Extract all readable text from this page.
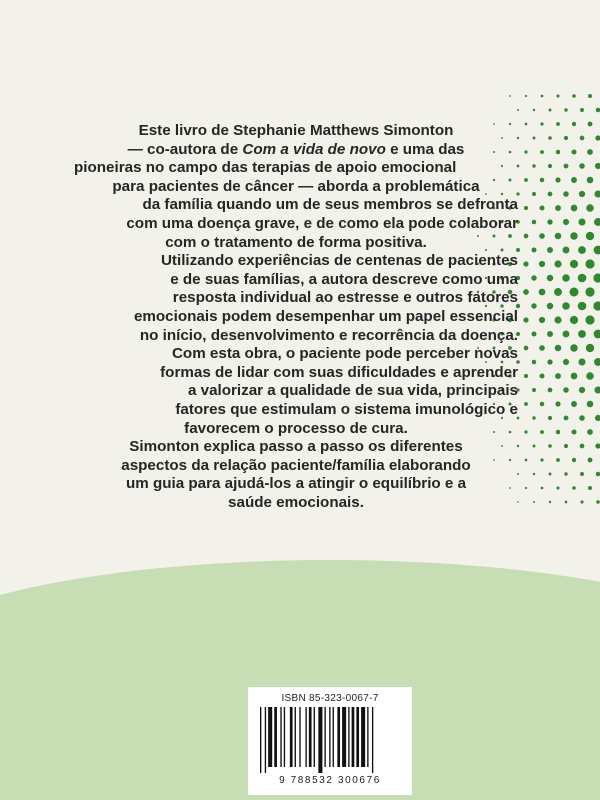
Este livro de Stephanie Matthews Simonton

— co-autora de Com a vida de novo e uma das

pioneiras no campo das terapias de apoio emocional

para pacientes de câncer — aborda a problemática

da família quando um de seus membros se defronta

com uma doença grave, e de como ela pode colaborar

com o tratamento de forma positiva.

Utilizando experiências de centenas de pacientes

e de suas famílias, a autora descreve como uma

resposta individual ao estresse e outros fatores

emocionais podem desempenhar um papel essencial

no início, desenvolvimento e recorrência da doença.

Com esta obra, o paciente pode perceber novas

formas de lidar com suas dificuldades e aprender

a valorizar a qualidade de sua vida, principais

fatores que estimulam o sistema imunológico e

favorecem o processo de cura.

Simonton explica passo a passo os diferentes

aspectos da relação paciente/família elaborando

um guia para ajudá-los a atingir o equilíbrio e a

saúde emocionais.

ISBN 85-323-0067-7
9 788532 300676
